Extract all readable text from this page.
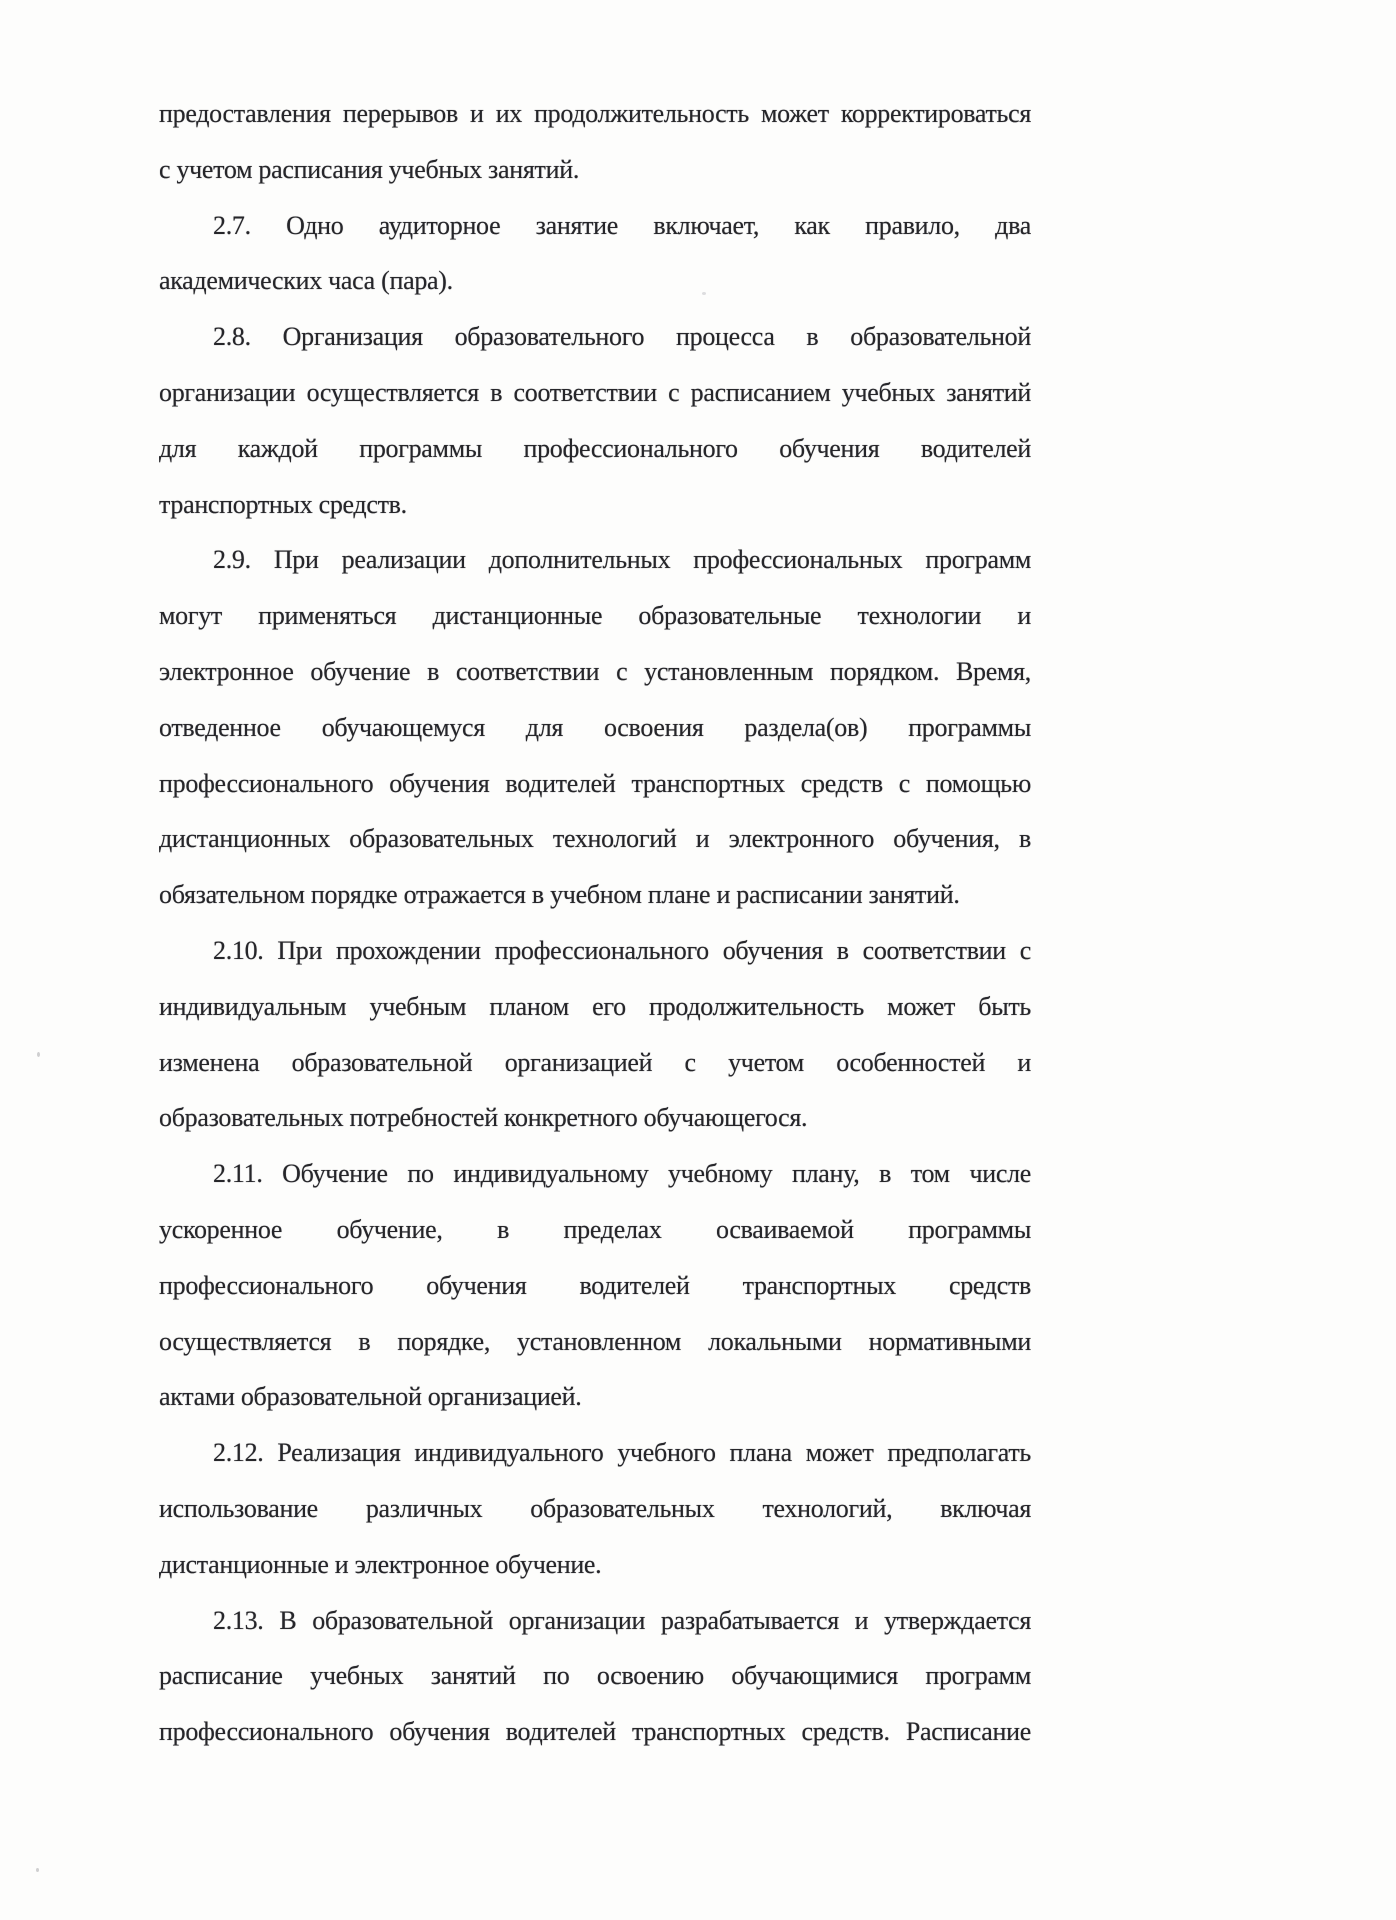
предоставления перерывов и их продолжительность может корректироваться
с учетом расписания учебных занятий.
2.7. Одно аудиторное занятие включает, как правило, два
академических часа (пара).
2.8. Организация образовательного процесса в образовательной
организации осуществляется в соответствии с расписанием учебных занятий
для каждой программы профессионального обучения водителей
транспортных средств.
2.9. При реализации дополнительных профессиональных программ
могут применяться дистанционные образовательные технологии и
электронное обучение в соответствии с установленным порядком. Время,
отведенное обучающемуся для освоения раздела(ов) программы
профессионального обучения водителей транспортных средств с помощью
дистанционных образовательных технологий и электронного обучения, в
обязательном порядке отражается в учебном плане и расписании занятий.
2.10. При прохождении профессионального обучения в соответствии с
индивидуальным учебным планом его продолжительность может быть
изменена образовательной организацией с учетом особенностей и
образовательных потребностей конкретного обучающегося.
2.11. Обучение по индивидуальному учебному плану, в том числе
ускоренное обучение, в пределах осваиваемой программы
профессионального обучения водителей транспортных средств
осуществляется в порядке, установленном локальными нормативными
актами образовательной организацией.
2.12. Реализация индивидуального учебного плана может предполагать
использование различных образовательных технологий, включая
дистанционные и электронное обучение.
2.13. В образовательной организации разрабатывается и утверждается
расписание учебных занятий по освоению обучающимися программ
профессионального обучения водителей транспортных средств. Расписание
